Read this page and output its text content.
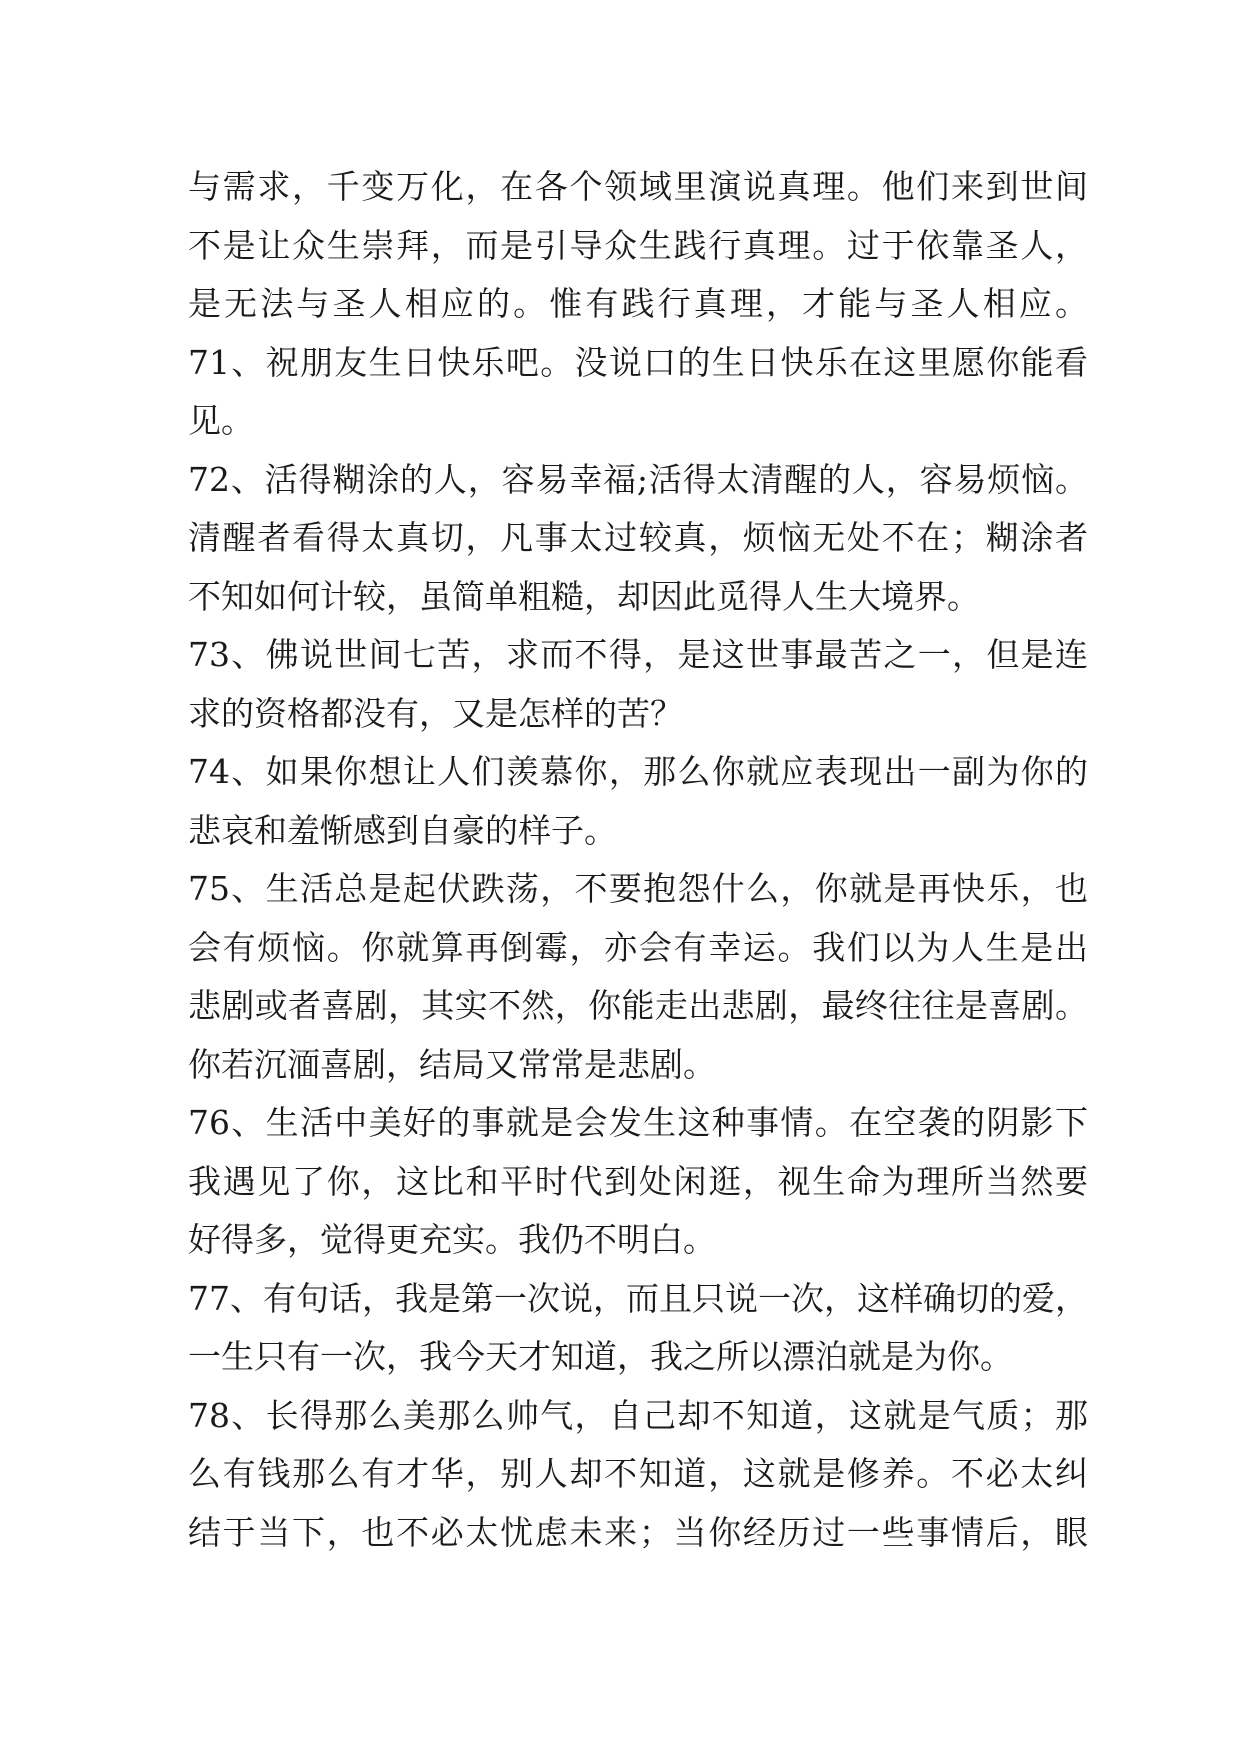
与需求，千变万化，在各个领域里演说真理。他们来到世间
不是让众生崇拜，而是引导众生践行真理。过于依靠圣人，
是无法与圣人相应的。惟有践行真理，才能与圣人相应。
71、祝朋友生日快乐吧。没说口的生日快乐在这里愿你能看
见。
72、活得糊涂的人，容易幸福;活得太清醒的人，容易烦恼。
清醒者看得太真切，凡事太过较真，烦恼无处不在；糊涂者
不知如何计较，虽简单粗糙，却因此觅得人生大境界。
73、佛说世间七苦，求而不得，是这世事最苦之一，但是连
求的资格都没有，又是怎样的苦？
74、如果你想让人们羡慕你，那么你就应表现出一副为你的
悲哀和羞惭感到自豪的样子。
75、生活总是起伏跌荡，不要抱怨什么，你就是再快乐，也
会有烦恼。你就算再倒霉，亦会有幸运。我们以为人生是出
悲剧或者喜剧，其实不然，你能走出悲剧，最终往往是喜剧。
你若沉湎喜剧，结局又常常是悲剧。
76、生活中美好的事就是会发生这种事情。在空袭的阴影下
我遇见了你，这比和平时代到处闲逛，视生命为理所当然要
好得多，觉得更充实。我仍不明白。
77、有句话，我是第一次说，而且只说一次，这样确切的爱，
一生只有一次，我今天才知道，我之所以漂泊就是为你。
78、长得那么美那么帅气，自己却不知道，这就是气质；那
么有钱那么有才华，别人却不知道，这就是修养。不必太纠
结于当下，也不必太忧虑未来；当你经历过一些事情后，眼
